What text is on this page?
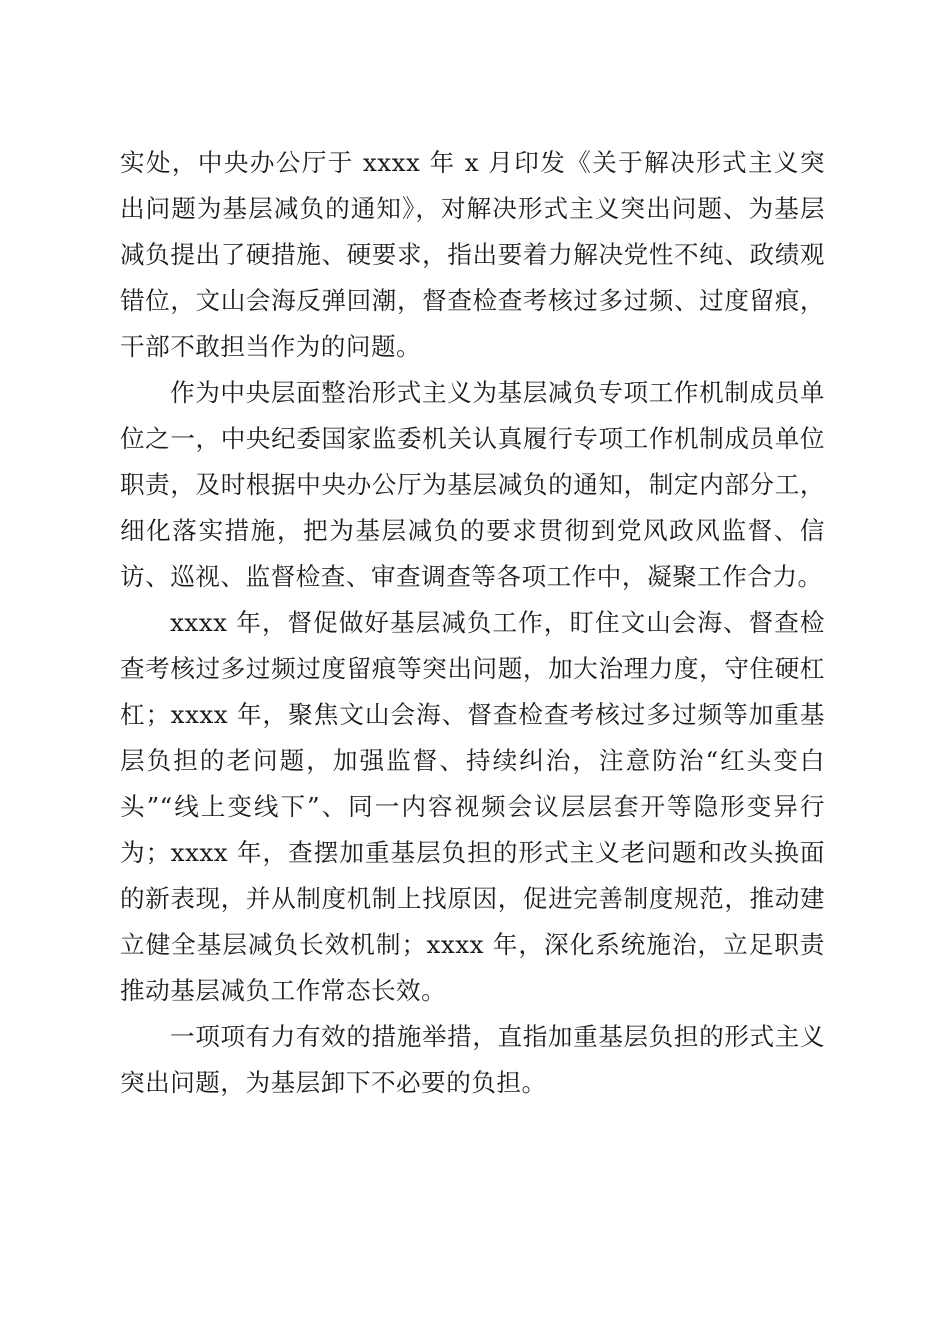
实处，中央办公厅于 xxxx 年 x 月印发《关于解决形式主义突出问题为基层减负的通知》，对解决形式主义突出问题、为基层减负提出了硬措施、硬要求，指出要着力解决党性不纯、政绩观错位，文山会海反弹回潮，督查检查考核过多过频、过度留痕，干部不敢担当作为的问题。

作为中央层面整治形式主义为基层减负专项工作机制成员单位之一，中央纪委国家监委机关认真履行专项工作机制成员单位职责，及时根据中央办公厅为基层减负的通知，制定内部分工，细化落实措施，把为基层减负的要求贯彻到党风政风监督、信访、巡视、监督检查、审查调查等各项工作中，凝聚工作合力。

xxxx 年，督促做好基层减负工作，盯住文山会海、督查检查考核过多过频过度留痕等突出问题，加大治理力度，守住硬杠杠；xxxx 年，聚焦文山会海、督查检查考核过多过频等加重基层负担的老问题，加强监督、持续纠治，注意防治“红头变白头”“线上变线下”、同一内容视频会议层层套开等隐形变异行为；xxxx 年，查摆加重基层负担的形式主义老问题和改头换面的新表现，并从制度机制上找原因，促进完善制度规范，推动建立健全基层减负长效机制；xxxx 年，深化系统施治，立足职责推动基层减负工作常态长效。

一项项有力有效的措施举措，直指加重基层负担的形式主义突出问题，为基层卸下不必要的负担。
